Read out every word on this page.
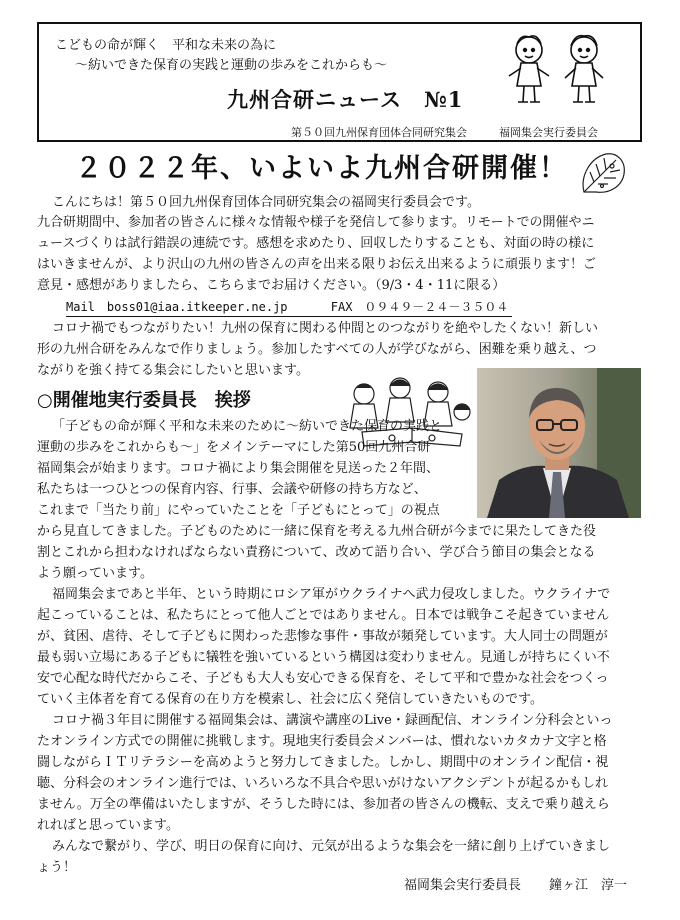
こどもの命が輝く　平和な未来の為に
～紡いできた保育の実践と運動の歩みをこれからも～
九州合研ニュース　№1
第５０回九州保育団体合同研究集会	福岡集会実行委員会
２０２２年、いよいよ九州合研開催！
こんにちは！第５０回九州保育団体合同研究集会の福岡実行委員会です。
九合研期間中、参加者の皆さんに様々な情報や様子を発信して参ります。リモートでの開催やニ
ュースづくりは試行錯誤の連続です。感想を求めたり、回収したりすることも、対面の時の様に
はいきませんが、より沢山の九州の皆さんの声を出来る限りお伝え出来るように頑張ります！ご
意見・感想がありましたら、こちらまでお届けください。（9/3・4・11に限る）
Mail　boss01@iaa.itkeeper.ne.jp	FAX　０９４９－２４－３５０４
コロナ禍でもつながりたい！九州の保育に関わる仲間とのつながりを絶やしたくない！新しい
形の九州合研をみんなで作りましょう。参加したすべての人が学びながら、困難を乗り越え、つ
ながりを強く持てる集会にしたいと思います。
○開催地実行委員長　挨拶
「子どもの命が輝く平和な未来のために～紡いできた保育の実践と
運動の歩みをこれからも～」をメインテーマにした第50回九州合研
福岡集会が始まります。コロナ禍により集会開催を見送った２年間、
私たちは一つひとつの保育内容、行事、会議や研修の持ち方など、
これまで「当たり前」にやっていたことを「子どもにとって」の視点
から見直してきました。子どものために一緒に保育を考える九州合研が今までに果たしてきた役
割とこれから担わなければならない責務について、改めて語り合い、学び合う節目の集会となる
よう願っています。
福岡集会まであと半年、という時期にロシア軍がウクライナへ武力侵攻しました。ウクライナで
起こっていることは、私たちにとって他人ごとではありません。日本では戦争こそ起きていません
が、貧困、虐待、そして子どもに関わった悲惨な事件・事故が頻発しています。大人同士の問題が
最も弱い立場にある子どもに犠牲を強いているという構図は変わりません。見通しが持ちにくい不
安で心配な時代だからこそ、子どもも大人も安心できる保育を、そして平和で豊かな社会をつくっ
ていく主体者を育てる保育の在り方を模索し、社会に広く発信していきたいものです。
コロナ禍３年目に開催する福岡集会は、講演や講座のLive・録画配信、オンライン分科会といっ
たオンライン方式での開催に挑戦します。現地実行委員会メンバーは、慣れないカタカナ文字と格
闘しながらＩＴリテラシーを高めようと努力してきました。しかし、期間中のオンライン配信・視
聴、分科会のオンライン進行では、いろいろな不具合や思いがけないアクシデントが起るかもしれ
ません。万全の準備はいたしますが、そうした時には、参加者の皆さんの機転、支えで乗り越えら
れればと思っています。
みんなで繋がり、学び、明日の保育に向け、元気が出るような集会を一緒に創り上げていきまし
ょう！
福岡集会実行委員長 鐘ヶ江　淳一
